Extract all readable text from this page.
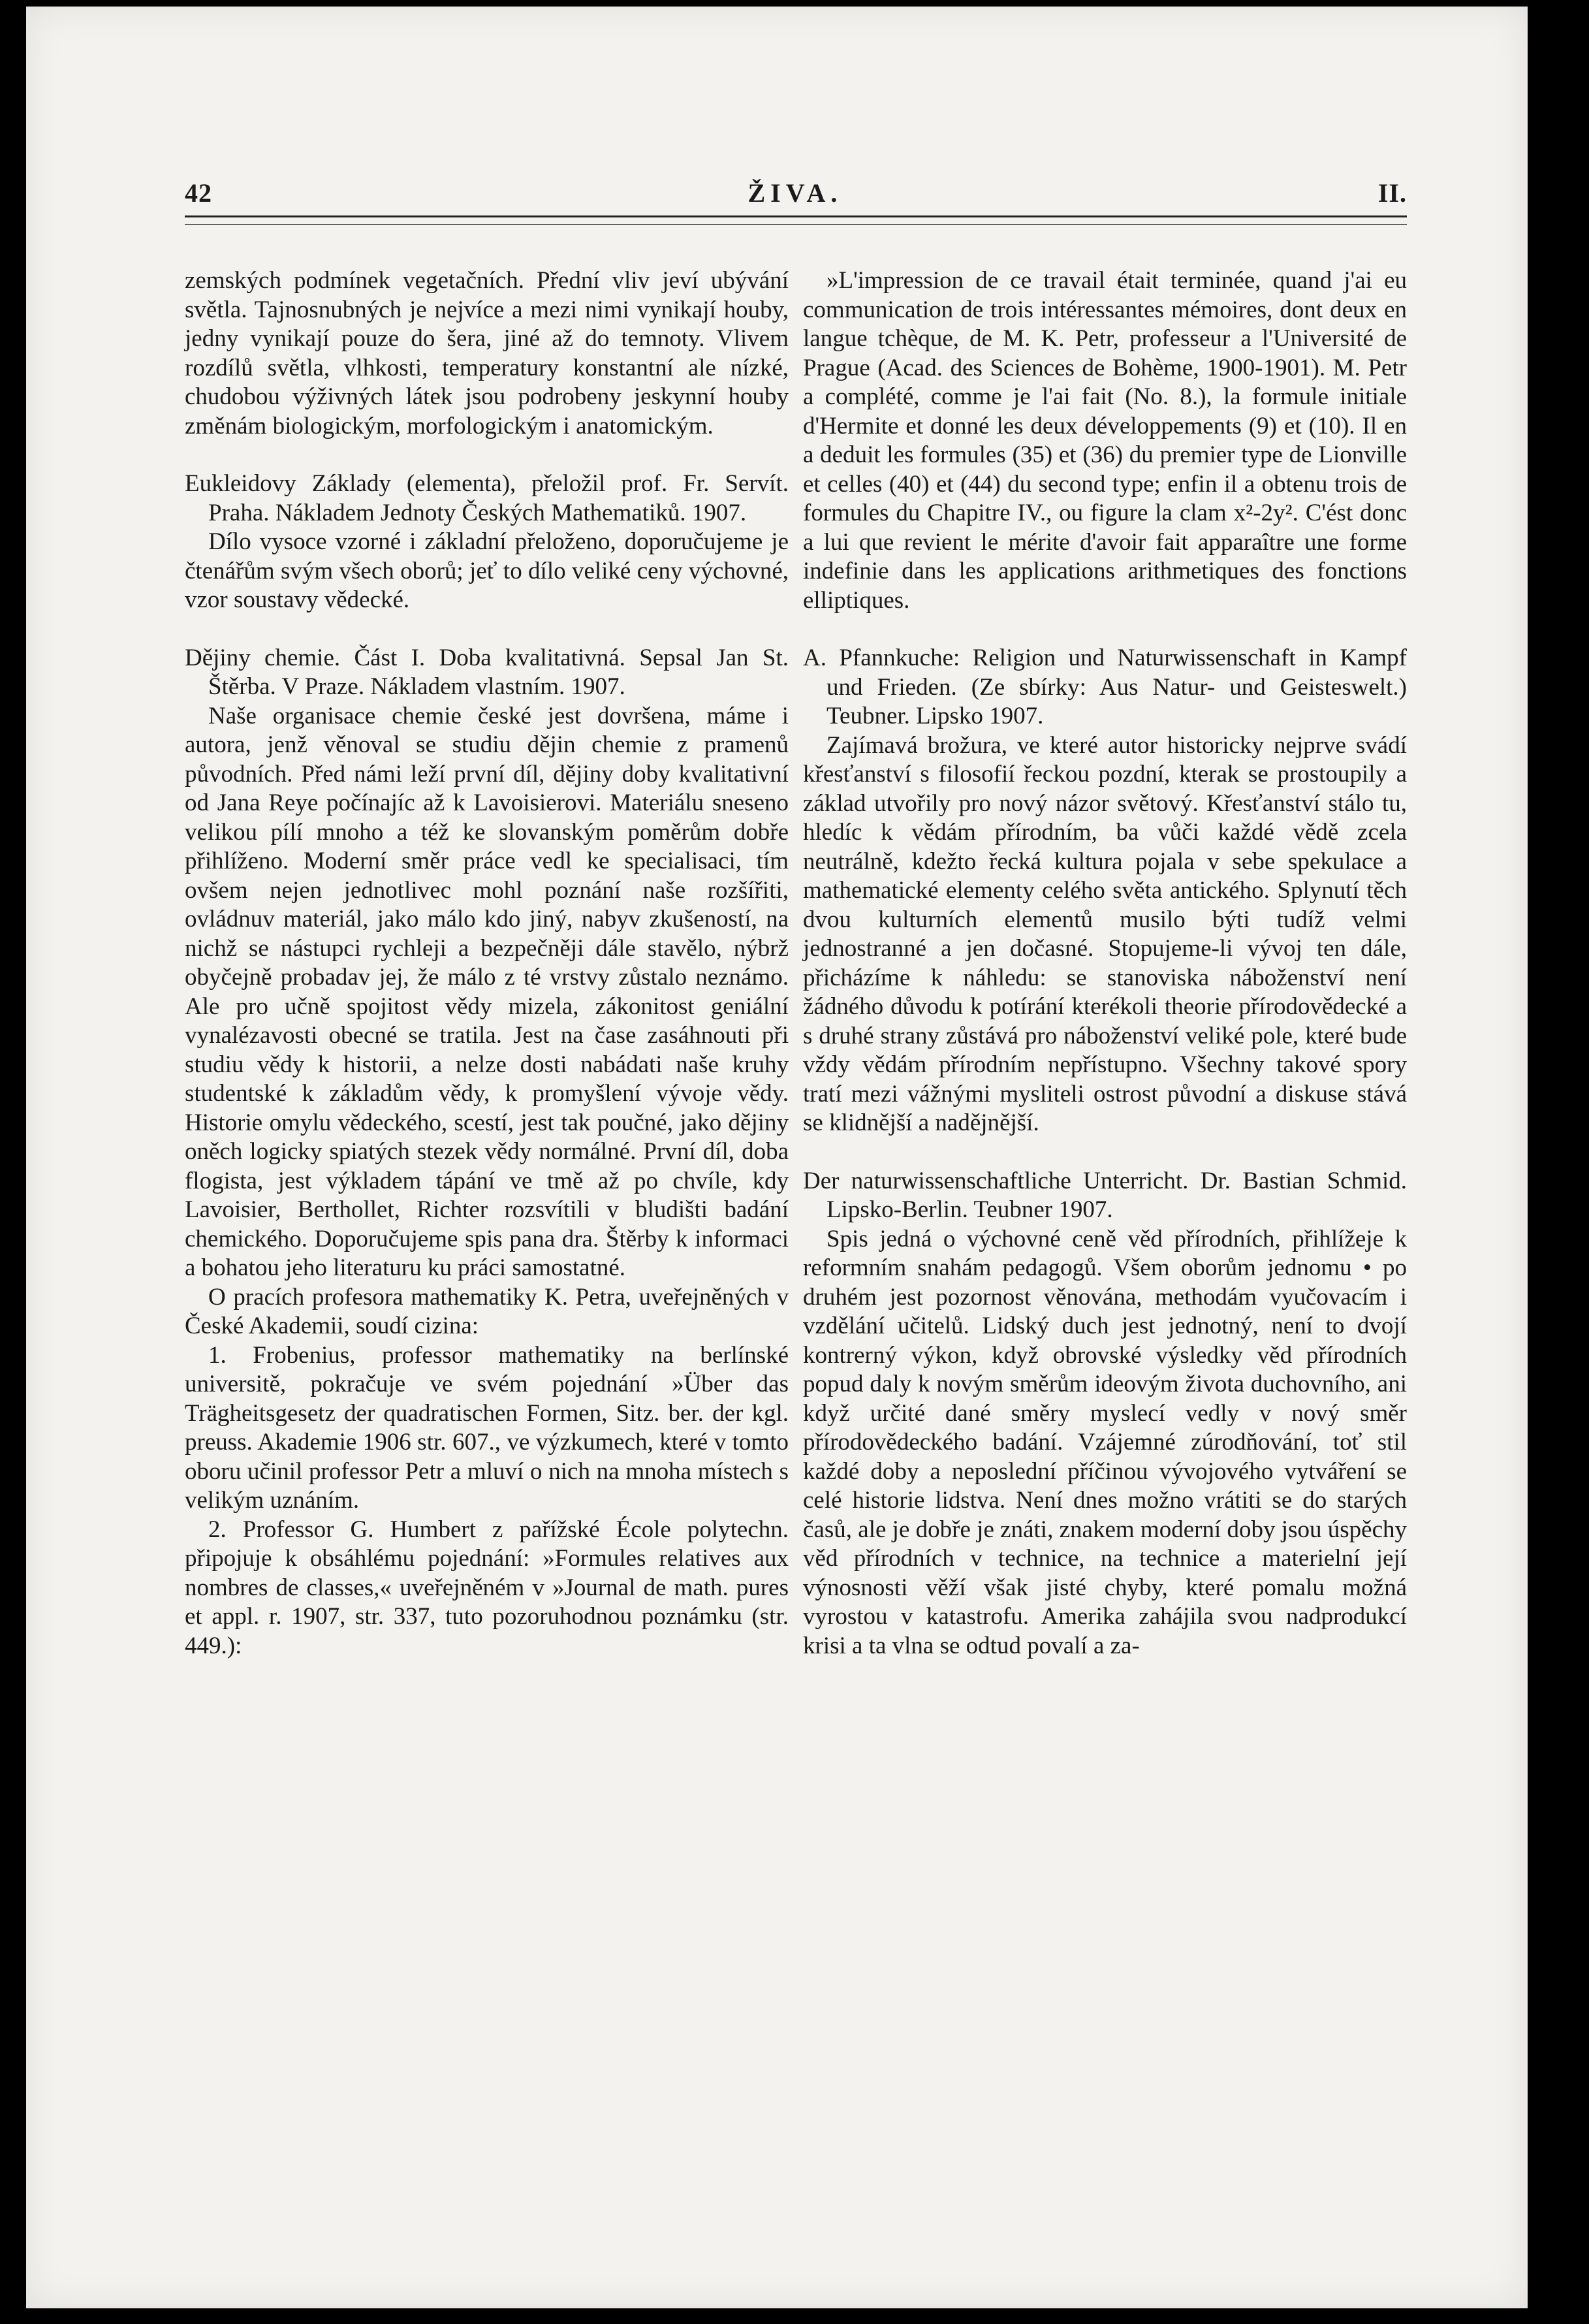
42	ŽIVA.	II.

zemských podmínek vegetačních. Přední vliv jeví ubývání světla. Tajnosnubných je nejvíce a mezi nimi vynikají houby, jedny vynikají pouze do šera, jiné až do temnoty. Vlivem rozdílů světla, vlhkosti, temperatury konstantní ale nízké, chudobou výživných látek jsou podrobeny jeskynní houby změnám biologickým, morfologickým i anatomickým.

Eukleidovy Základy (elementa), přeložil prof. Fr. Servít. Praha. Nákladem Jednoty Českých Mathematiků. 1907.

Dílo vysoce vzorné i základní přeloženo, doporučujeme je čtenářům svým všech oborů; jeť to dílo veliké ceny výchovné, vzor soustavy vědecké.

Dějiny chemie. Část I. Doba kvalitativná. Sepsal Jan St. Štěrba. V Praze. Nákladem vlastním. 1907.

Naše organisace chemie české jest dovršena, máme i autora, jenž věnoval se studiu dějin chemie z pramenů původních. Před námi leží první díl, dějiny doby kvalitativní od Jana Reye počínajíc až k Lavoisierovi. Materiálu sneseno velikou pílí mnoho a též ke slovanským poměrům dobře přihlíženo. Moderní směr práce vedl ke specialisaci, tím ovšem nejen jednotlivec mohl poznání naše rozšířiti, ovládnuv materiál, jako málo kdo jiný, nabyv zkušeností, na nichž se nástupci rychleji a bezpečněji dále stavělo, nýbrž obyčejně probadav jej, že málo z té vrstvy zůstalo neznámo. Ale pro učně spojitost vědy mizela, zákonitost geniální vynalézavosti obecné se tratila. Jest na čase zasáhnouti při studiu vědy k historii, a nelze dosti nabádati naše kruhy studentské k základům vědy, k promyšlení vývoje vědy. Historie omylu vědeckého, scestí, jest tak poučné, jako dějiny oněch logicky spiatých stezek vědy normálné. První díl, doba flogista, jest výkladem tápání ve tmě až po chvíle, kdy Lavoisier, Berthollet, Richter rozsvítili v bludišti badání chemického. Doporučujeme spis pana dra. Štěrby k informaci a bohatou jeho literaturu ku práci samostatné.

O pracích profesora mathematiky K. Petra, uveřejněných v České Akademii, soudí cizina:

1. Frobenius, professor mathematiky na berlínské universitě, pokračuje ve svém pojednání »Über das Trägheitsgesetz der quadratischen Formen, Sitz. ber. der kgl. preuss. Akademie 1906 str. 607., ve výzkumech, které v tomto oboru učinil professor Petr a mluví o nich na mnoha místech s velikým uznáním.

2. Professor G. Humbert z pařížské École polytechn. připojuje k obsáhlému pojednání: »Formules relatives aux nombres de classes,« uveřejněném v »Journal de math. pures et appl. r. 1907, str. 337, tuto pozoruhodnou poznámku (str. 449.):

»L'impression de ce travail était terminée, quand j'ai eu communication de trois intéressantes mémoires, dont deux en langue tchèque, de M. K. Petr, professeur a l'Université de Prague (Acad. des Sciences de Bohème, 1900-1901). M. Petr a complété, comme je l'ai fait (No. 8.), la formule initiale d'Hermite et donné les deux développements (9) et (10). Il en a deduit les formules (35) et (36) du premier type de Lionville et celles (40) et (44) du second type; enfin il a obtenu trois de formules du Chapitre IV., ou figure la clam x²-2y². C'ést donc a lui que revient le mérite d'avoir fait apparaître une forme indefinie dans les applications arithmetiques des fonctions elliptiques.

A. Pfannkuche: Religion und Naturwissenschaft in Kampf und Frieden. (Ze sbírky: Aus Natur- und Geisteswelt.) Teubner. Lipsko 1907.

Zajímavá brožura, ve které autor historicky nejprve svádí křesťanství s filosofií řeckou pozdní, kterak se prostoupily a základ utvořily pro nový názor světový. Křesťanství stálo tu, hledíc k vědám přírodním, ba vůči každé vědě zcela neutrálně, kdežto řecká kultura pojala v sebe spekulace a mathematické elementy celého světa antického. Splynutí těch dvou kulturních elementů musilo býti tudíž velmi jednostranné a jen dočasné. Stopujeme-li vývoj ten dále, přicházíme k náhledu: se stanoviska náboženství není žádného důvodu k potírání kterékoli theorie přírodovědecké a s druhé strany zůstává pro náboženství veliké pole, které bude vždy vědám přírodním nepřístupno. Všechny takové spory tratí mezi vážnými mysliteli ostrost původní a diskuse stává se klidnější a nadějnější.

Der naturwissenschaftliche Unterricht. Dr. Bastian Schmid. Lipsko-Berlin. Teubner 1907.

Spis jedná o výchovné ceně věd přírodních, přihlížeje k reformním snahám pedagogů. Všem oborům jednomu • po druhém jest pozornost věnována, methodám vyučovacím i vzdělání učitelů. Lidský duch jest jednotný, není to dvojí kontrerný výkon, když obrovské výsledky věd přírodních popud daly k novým směrům ideovým života duchovního, ani když určité dané směry myslecí vedly v nový směr přírodovědeckého badání. Vzájemné zúrodňování, toť stil každé doby a neposlední příčinou vývojového vytváření se celé historie lidstva. Není dnes možno vrátiti se do starých časů, ale je dobře je znáti, znakem moderní doby jsou úspěchy věd přírodních v technice, na technice a materielní její výnosnosti věží však jisté chyby, které pomalu možná vyrostou v katastrofu. Amerika zahájila svou nadprodukcí krisi a ta vlna se odtud povalí a za-
